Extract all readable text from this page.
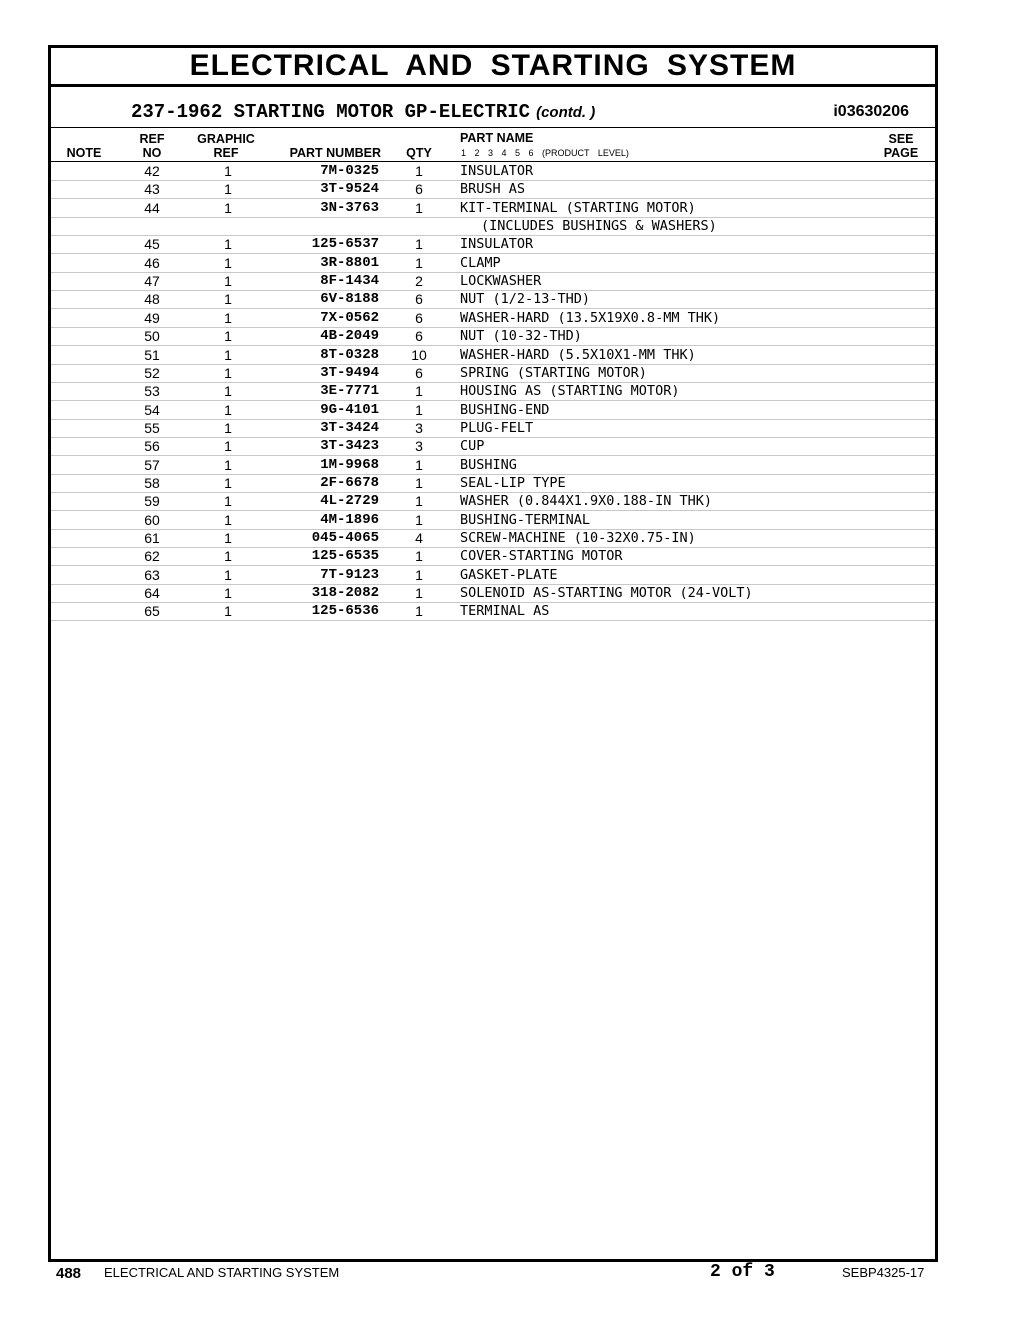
ELECTRICAL AND STARTING SYSTEM
237-1962 STARTING MOTOR GP-ELECTRIC (contd. )	i03630206
NOTE
REF
NO
GRAPHIC
REF	PART NUMBER	QTY
PART NAME
1 2 3 4 5 6 (PRODUCT LEVEL)
SEE
PAGE
42	1	7M-0325	1	INSULATOR
43	1	3T-9524	6	BRUSH AS
44	1	3N-3763	1	KIT-TERMINAL (STARTING MOTOR)
(INCLUDES BUSHINGS & WASHERS)
45	1	125-6537	1	INSULATOR
46	1	3R-8801	1	CLAMP
47	1	8F-1434	2	LOCKWASHER
48	1	6V-8188	6	NUT (1/2-13-THD)
49	1	7X-0562	6	WASHER-HARD (13.5X19X0.8-MM THK)
50	1	4B-2049	6	NUT (10-32-THD)
51	1	8T-0328	10	WASHER-HARD (5.5X10X1-MM THK)
52	1	3T-9494	6	SPRING (STARTING MOTOR)
53	1	3E-7771	1	HOUSING AS (STARTING MOTOR)
54	1	9G-4101	1	BUSHING-END
55	1	3T-3424	3	PLUG-FELT
56	1	3T-3423	3	CUP
57	1	1M-9968	1	BUSHING
58	1	2F-6678	1	SEAL-LIP TYPE
59	1	4L-2729	1	WASHER (0.844X1.9X0.188-IN THK)
60	1	4M-1896	1	BUSHING-TERMINAL
61	1	045-4065	4	SCREW-MACHINE (10-32X0.75-IN)
62	1	125-6535	1	COVER-STARTING MOTOR
63	1	7T-9123	1	GASKET-PLATE
64	1	318-2082	1	SOLENOID AS-STARTING MOTOR (24-VOLT)
65	1	125-6536	1	TERMINAL AS
488 ELECTRICAL AND STARTING SYSTEM	2 of 3	SEBP4325-17
